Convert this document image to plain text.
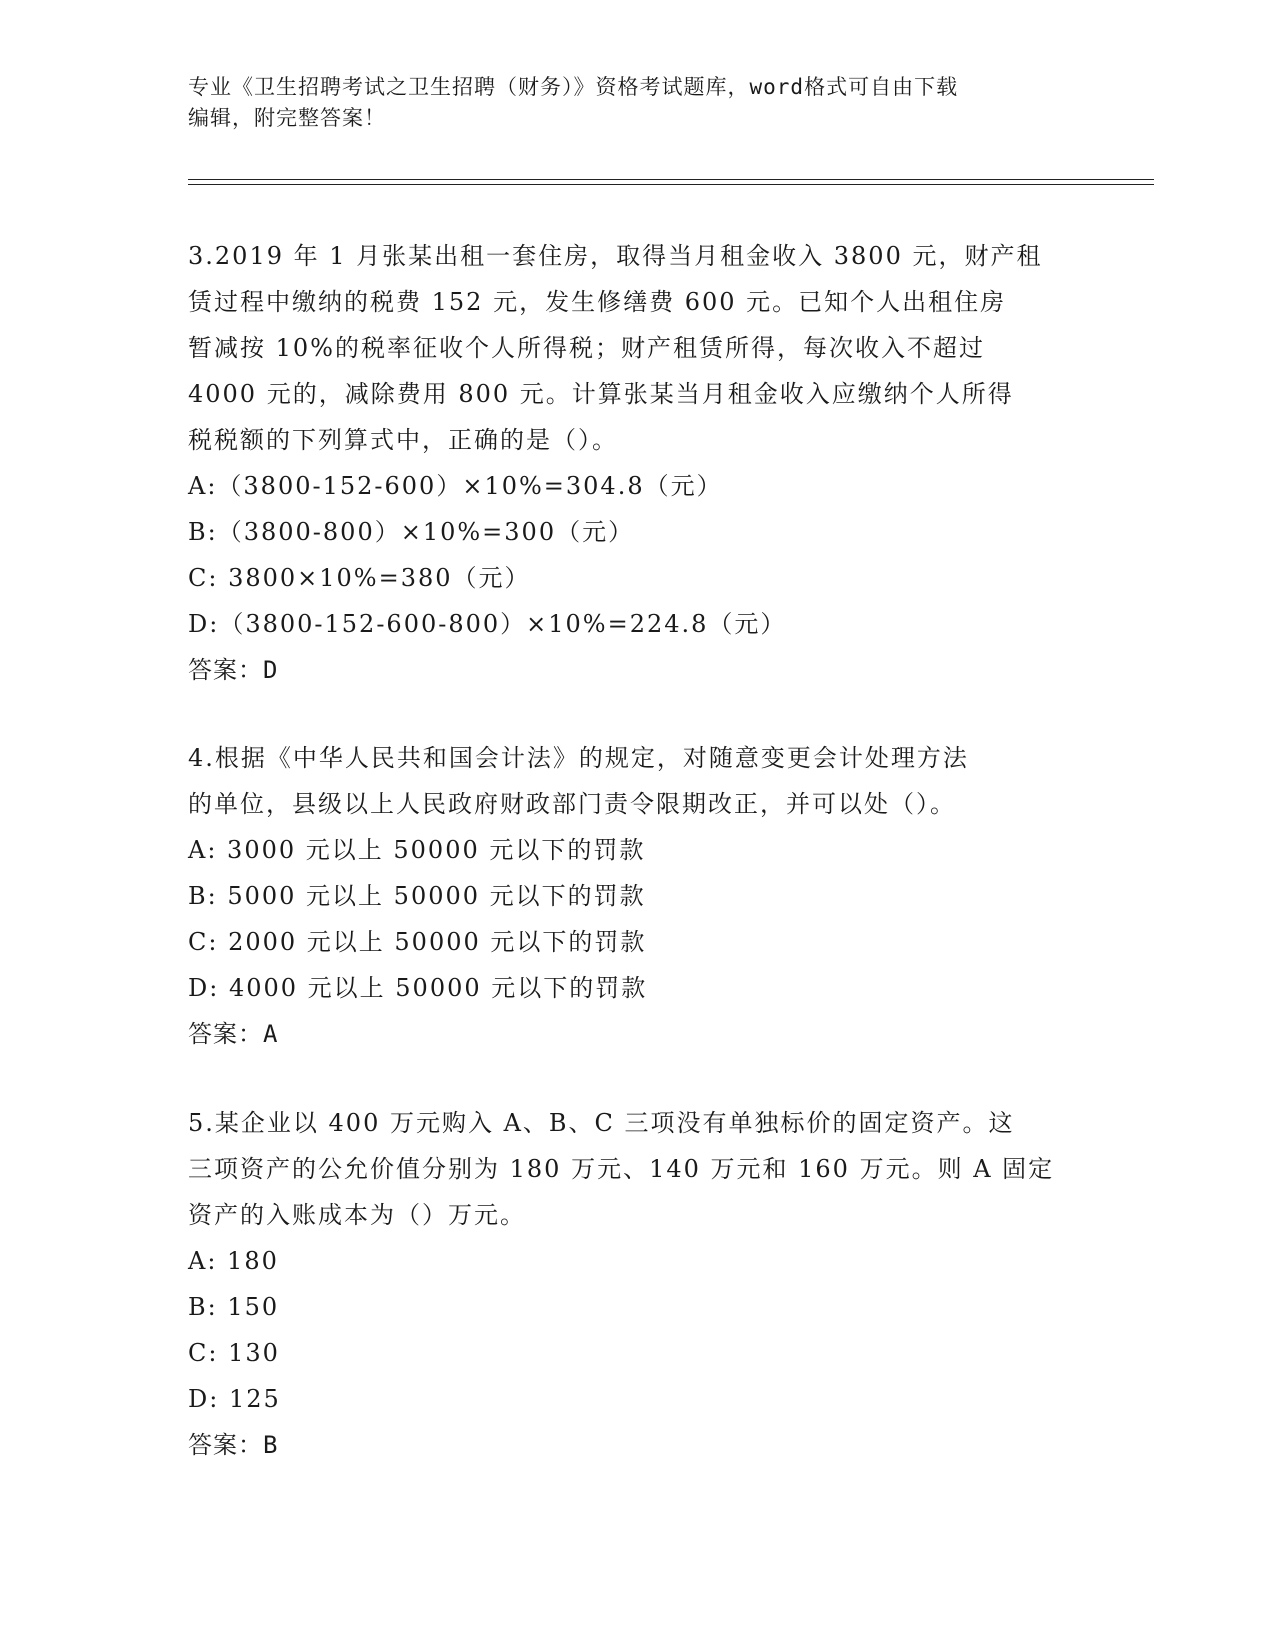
专业《卫生招聘考试之卫生招聘（财务）》资格考试题库，word格式可自由下载
编辑，附完整答案！
3.2019 年 1 月张某出租一套住房，取得当月租金收入 3800 元，财产租
赁过程中缴纳的税费 152 元，发生修缮费 600 元。已知个人出租住房
暂减按 10%的税率征收个人所得税；财产租赁所得，每次收入不超过
4000 元的，减除费用 800 元。计算张某当月租金收入应缴纳个人所得
税税额的下列算式中，正确的是（）。
A:（3800-152-600）×10%=304.8（元）
B:（3800-800）×10%=300（元）
C: 3800×10%=380（元）
D:（3800-152-600-800）×10%=224.8（元）
答案：D
4.根据《中华人民共和国会计法》的规定，对随意变更会计处理方法
的单位，县级以上人民政府财政部门责令限期改正，并可以处（）。
A: 3000 元以上 50000 元以下的罚款
B: 5000 元以上 50000 元以下的罚款
C: 2000 元以上 50000 元以下的罚款
D: 4000 元以上 50000 元以下的罚款
答案：A
5.某企业以 400 万元购入 A、B、C 三项没有单独标价的固定资产。这
三项资产的公允价值分别为 180 万元、140 万元和 160 万元。则 A 固定
资产的入账成本为（）万元。
A: 180
B: 150
C: 130
D: 125
答案：B
